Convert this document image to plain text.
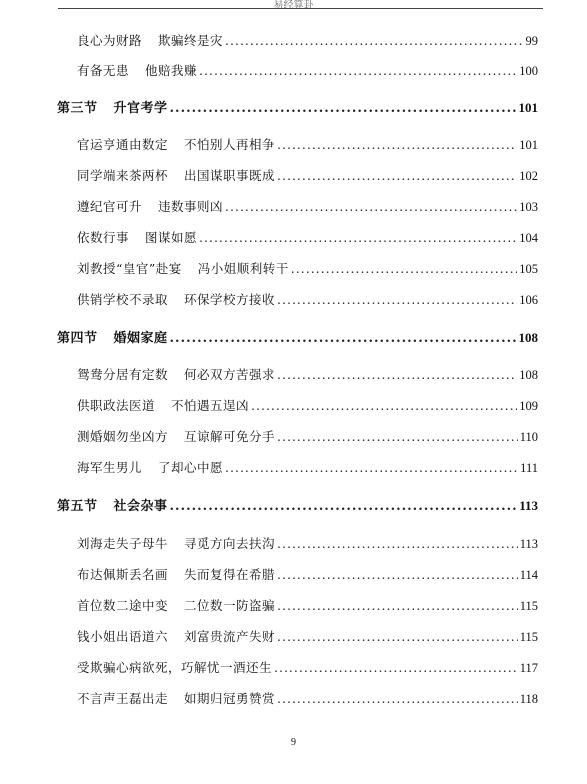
易经算卦
良心为财路 欺骗终是灾 .....	99
有备无患 他赔我赚 .....	100
第三节 升官考学 .....	101
官运亨通由数定 不怕别人再相争 .....	101
同学端来茶两杯 出国谋职事既成 .....	102
遵纪官可升 违数事则凶 .....	103
依数行事 图谋如愿 .....	104
刘教授“皇官”赴宴 冯小姐顺利转干 .....	105
供销学校不录取 环保学校方接收 .....	106
第四节 婚姻家庭 .....	108
鸳鸯分居有定数 何必双方苦强求 .....	108
供职政法医道 不怕遇五逞凶 .....	109
测婚姻勿坐凶方 互谅解可免分手 .....	110
海军生男儿 了却心中愿 .....	111
第五节 社会杂事 .....	113
刘海走失子母牛 寻觅方向去扶沟 .....	113
布达佩斯丢名画 失而复得在希腊 .....	114
首位数二途中变 二位数一防盗骗 .....	115
钱小姐出语道六 刘富贵流产失财 .....	115
受欺骗心病欲死，巧解忧一酒还生 .....	117
不言声王磊出走 如期归冠勇赞赏 .....	118
9
